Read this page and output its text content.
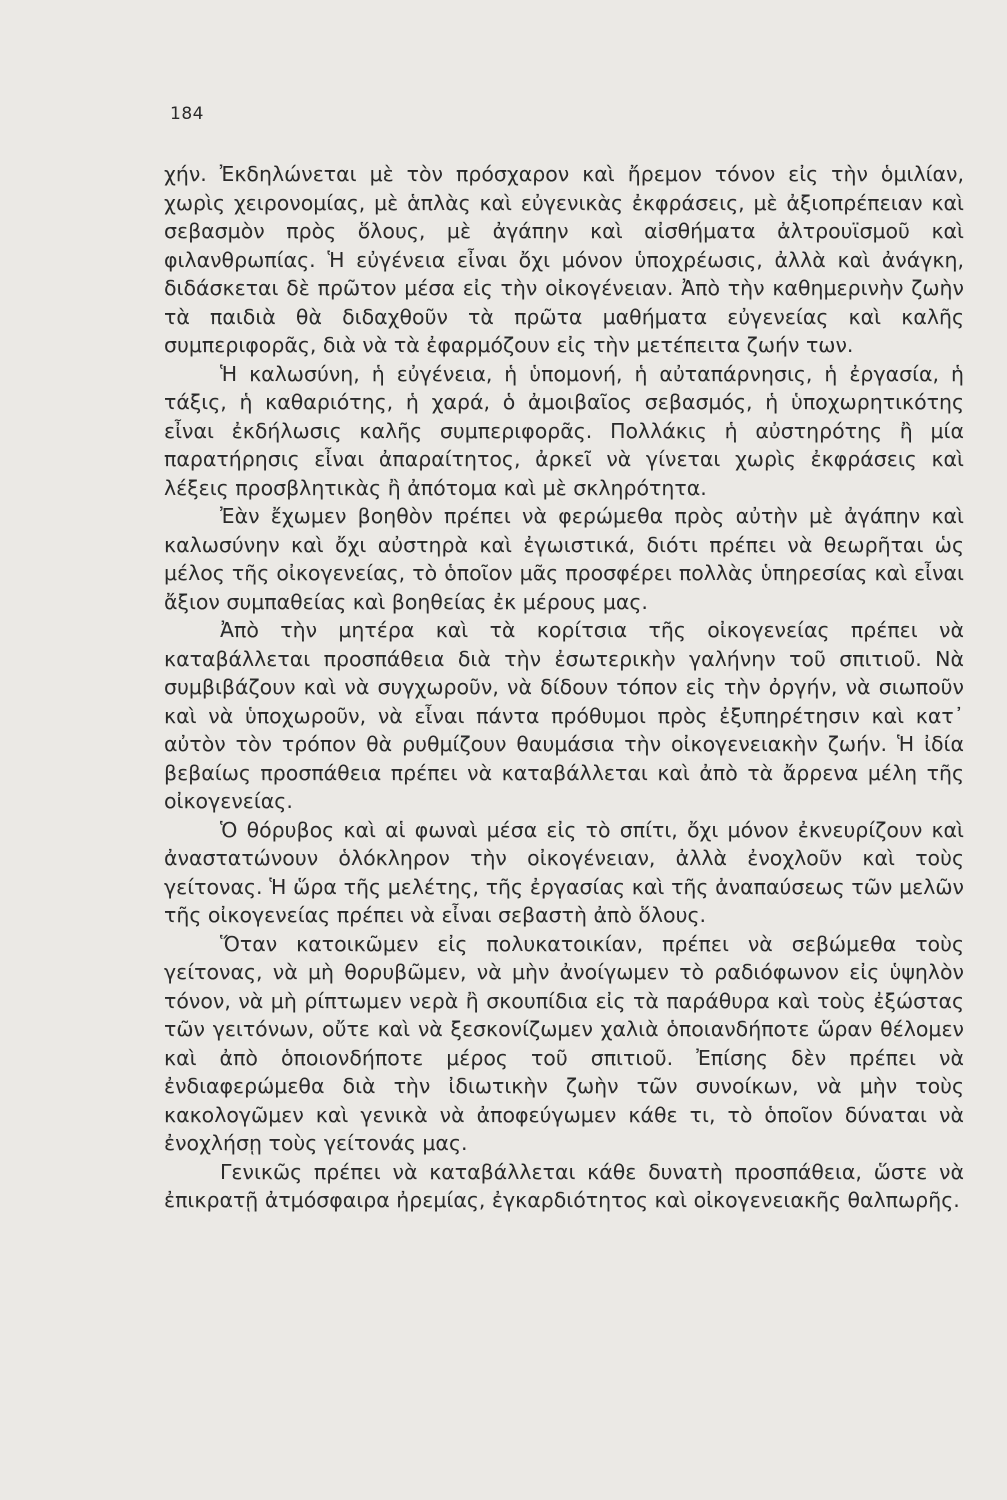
184

χήν. Ἐκδηλώνεται μὲ τὸν πρόσχαρον καὶ ἤρεμον τόνον εἰς τὴν ὁμιλίαν, χωρὶς χειρονομίας, μὲ ἁπλὰς καὶ εὐγενικὰς ἐκφράσεις, μὲ ἀξιοπρέπειαν καὶ σεβασμὸν πρὸς ὅλους, μὲ ἀγάπην καὶ αἰσθήματα ἀλτρουϊσμοῦ καὶ φιλανθρωπίας. Ἡ εὐγένεια εἶναι ὄχι μόνον ὑποχρέωσις, ἀλλὰ καὶ ἀνάγκη, διδάσκεται δὲ πρῶτον μέσα εἰς τὴν οἰκογένειαν. Ἀπὸ τὴν καθημερινὴν ζωὴν τὰ παιδιὰ θὰ διδαχθοῦν τὰ πρῶτα μαθήματα εὐγενείας καὶ καλῆς συμπεριφορᾶς, διὰ νὰ τὰ ἐφαρμόζουν εἰς τὴν μετέπειτα ζωήν των.

Ἡ καλωσύνη, ἡ εὐγένεια, ἡ ὑπομονή, ἡ αὐταπάρνησις, ἡ ἐργασία, ἡ τάξις, ἡ καθαριότης, ἡ χαρά, ὁ ἀμοιβαῖος σεβασμός, ἡ ὑποχωρητικότης εἶναι ἐκδήλωσις καλῆς συμπεριφορᾶς. Πολλάκις ἡ αὐστηρότης ἢ μία παρατήρησις εἶναι ἀπαραίτητος, ἀρκεῖ νὰ γίνεται χωρὶς ἐκφράσεις καὶ λέξεις προσβλητικὰς ἢ ἀπότομα καὶ μὲ σκληρότητα.

Ἐὰν ἔχωμεν βοηθὸν πρέπει νὰ φερώμεθα πρὸς αὐτὴν μὲ ἀγάπην καὶ καλωσύνην καὶ ὄχι αὐστηρὰ καὶ ἐγωιστικά, διότι πρέπει νὰ θεωρῆται ὡς μέλος τῆς οἰκογενείας, τὸ ὁποῖον μᾶς προσφέρει πολλὰς ὑπηρεσίας καὶ εἶναι ἄξιον συμπαθείας καὶ βοηθείας ἐκ μέρους μας.

Ἀπὸ τὴν μητέρα καὶ τὰ κορίτσια τῆς οἰκογενείας πρέπει νὰ καταβάλλεται προσπάθεια διὰ τὴν ἐσωτερικὴν γαλήνην τοῦ σπιτιοῦ. Νὰ συμβιβάζουν καὶ νὰ συγχωροῦν, νὰ δίδουν τόπον εἰς τὴν ὀργήν, νὰ σιωποῦν καὶ νὰ ὑποχωροῦν, νὰ εἶναι πάντα πρόθυμοι πρὸς ἐξυπηρέτησιν καὶ κατ᾽ αὐτὸν τὸν τρόπον θὰ ρυθμίζουν θαυμάσια τὴν οἰκογενειακὴν ζωήν. Ἡ ἰδία βεβαίως προσπάθεια πρέπει νὰ καταβάλλεται καὶ ἀπὸ τὰ ἄρρενα μέλη τῆς οἰκογενείας.

Ὁ θόρυβος καὶ αἱ φωναὶ μέσα εἰς τὸ σπίτι, ὄχι μόνον ἐκνευρίζουν καὶ ἀναστατώνουν ὁλόκληρον τὴν οἰκογένειαν, ἀλλὰ ἐνοχλοῦν καὶ τοὺς γείτονας. Ἡ ὥρα τῆς μελέτης, τῆς ἐργασίας καὶ τῆς ἀναπαύσεως τῶν μελῶν τῆς οἰκογενείας πρέπει νὰ εἶναι σεβαστὴ ἀπὸ ὅλους.

Ὅταν κατοικῶμεν εἰς πολυκατοικίαν, πρέπει νὰ σεβώμεθα τοὺς γείτονας, νὰ μὴ θορυβῶμεν, νὰ μὴν ἀνοίγωμεν τὸ ραδιόφωνον εἰς ὑψηλὸν τόνον, νὰ μὴ ρίπτωμεν νερὰ ἢ σκουπίδια εἰς τὰ παράθυρα καὶ τοὺς ἐξώστας τῶν γειτόνων, οὔτε καὶ νὰ ξεσκονίζωμεν χαλιὰ ὁποιανδήποτε ὥραν θέλομεν καὶ ἀπὸ ὁποιονδήποτε μέρος τοῦ σπιτιοῦ. Ἐπίσης δὲν πρέπει νὰ ἐνδιαφερώμεθα διὰ τὴν ἰδιωτικὴν ζωὴν τῶν συνοίκων, νὰ μὴν τοὺς κακολογῶμεν καὶ γενικὰ νὰ ἀποφεύγωμεν κάθε τι, τὸ ὁποῖον δύναται νὰ ἐνοχλήσῃ τοὺς γείτονάς μας.

Γενικῶς πρέπει νὰ καταβάλλεται κάθε δυνατὴ προσπάθεια, ὥστε νὰ ἐπικρατῇ ἀτμόσφαιρα ἠρεμίας, ἐγκαρδιότητος καὶ οἰκογενειακῆς θαλπωρῆς.
